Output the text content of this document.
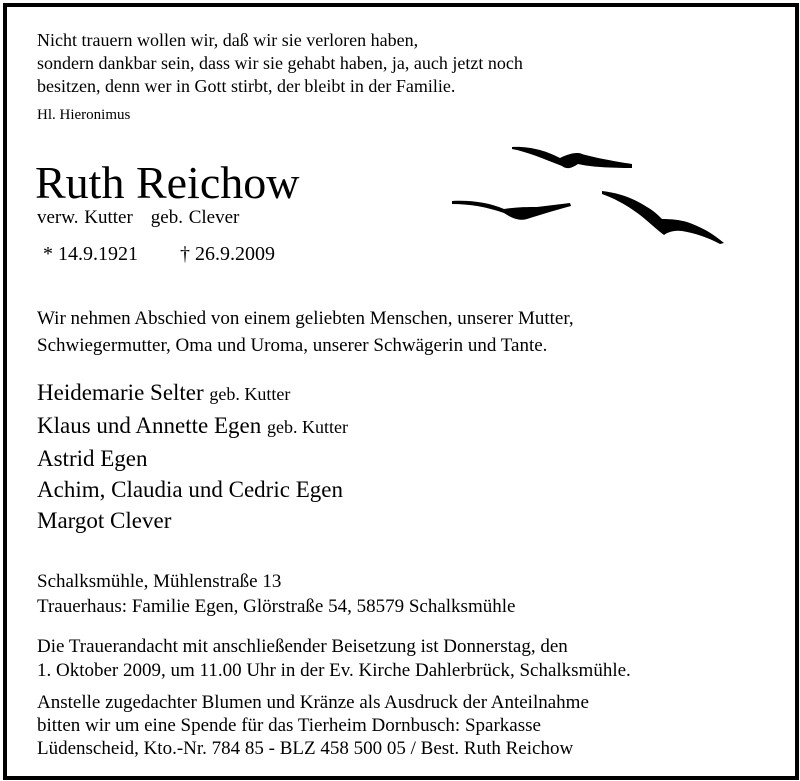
Nicht trauern wollen wir, daß wir sie verloren haben,
sondern dankbar sein, dass wir sie gehabt haben, ja, auch jetzt noch
besitzen, denn wer in Gott stirbt, der bleibt in der Familie.
Hl. Hieronimus
Ruth Reichow
verw. Kutter geb. Clever
* 14.9.1921 † 26.9.2009
Wir nehmen Abschied von einem geliebten Menschen, unserer Mutter,
Schwiegermutter, Oma und Uroma, unserer Schwägerin und Tante.
Heidemarie Selter geb. Kutter
Klaus und Annette Egen geb. Kutter
Astrid Egen
Achim, Claudia und Cedric Egen
Margot Clever
Schalksmühle, Mühlenstraße 13
Trauerhaus: Familie Egen, Glörstraße 54, 58579 Schalksmühle
Die Trauerandacht mit anschließender Beisetzung ist Donnerstag, den
1. Oktober 2009, um 11.00 Uhr in der Ev. Kirche Dahlerbrück, Schalksmühle.
Anstelle zugedachter Blumen und Kränze als Ausdruck der Anteilnahme
bitten wir um eine Spende für das Tierheim Dornbusch: Sparkasse
Lüdenscheid, Kto.-Nr. 784 85 - BLZ 458 500 05 / Best. Ruth Reichow
